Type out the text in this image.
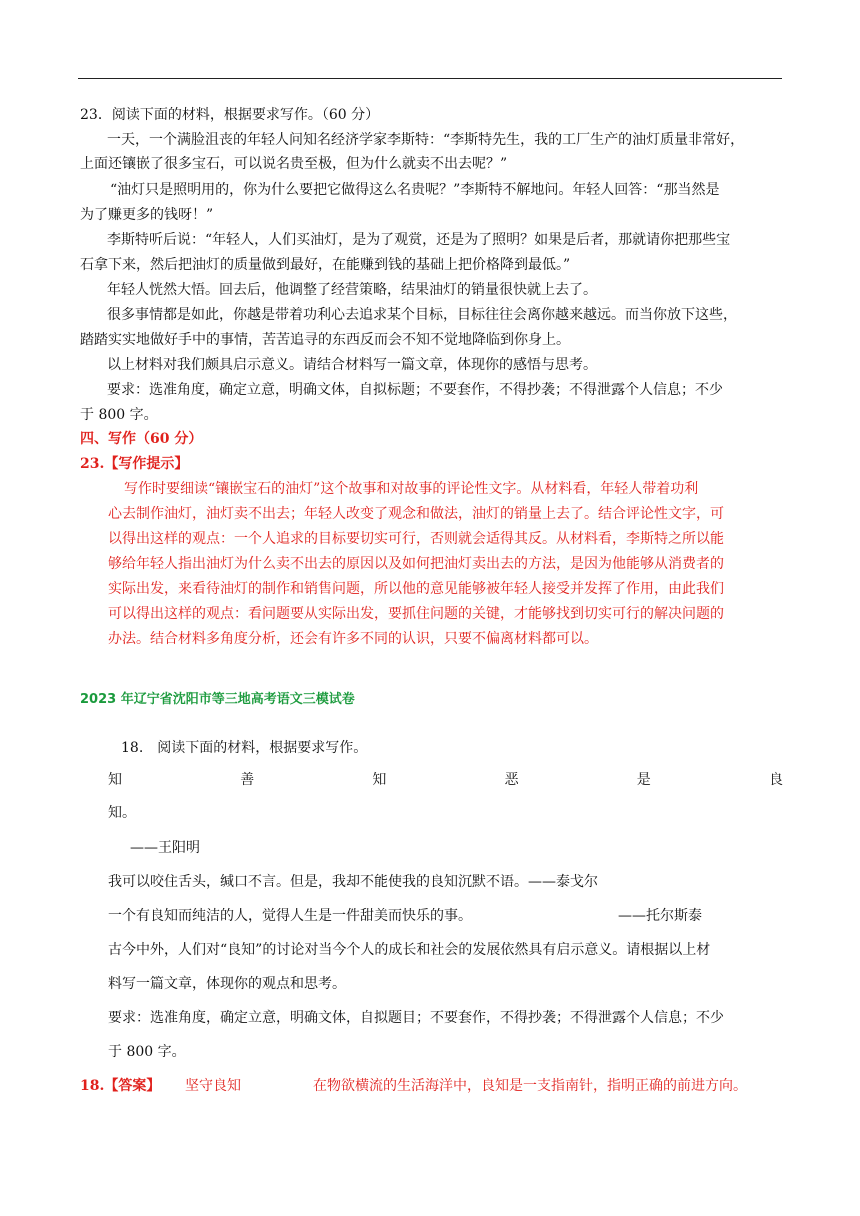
23．阅读下面的材料，根据要求写作。（60 分）
一天，一个满脸沮丧的年轻人问知名经济学家李斯特：“李斯特先生，我的工厂生产的油灯质量非常好，
上面还镶嵌了很多宝石，可以说名贵至极，但为什么就卖不出去呢？”
“油灯只是照明用的，你为什么要把它做得这么名贵呢？”李斯特不解地问。年轻人回答：“那当然是
为了赚更多的钱呀！”
李斯特听后说：“年轻人，人们买油灯，是为了观赏，还是为了照明？如果是后者，那就请你把那些宝
石拿下来，然后把油灯的质量做到最好，在能赚到钱的基础上把价格降到最低。”
年轻人恍然大悟。回去后，他调整了经营策略，结果油灯的销量很快就上去了。
很多事情都是如此，你越是带着功利心去追求某个目标，目标往往会离你越来越远。而当你放下这些，
踏踏实实地做好手中的事情，苦苦追寻的东西反而会不知不觉地降临到你身上。
以上材料对我们颇具启示意义。请结合材料写一篇文章，体现你的感悟与思考。
要求：选准角度，确定立意，明确文体，自拟标题；不要套作，不得抄袭；不得泄露个人信息；不少
于 800 字。
四、写作（60 分）
23.【写作提示】
写作时要细读“镶嵌宝石的油灯”这个故事和对故事的评论性文字。从材料看，年轻人带着功利
心去制作油灯，油灯卖不出去；年轻人改变了观念和做法，油灯的销量上去了。结合评论性文字，可
以得出这样的观点：一个人追求的目标要切实可行，否则就会适得其反。从材料看，李斯特之所以能
够给年轻人指出油灯为什么卖不出去的原因以及如何把油灯卖出去的方法，是因为他能够从消费者的
实际出发，来看待油灯的制作和销售问题，所以他的意见能够被年轻人接受并发挥了作用，由此我们
可以得出这样的观点：看问题要从实际出发，要抓住问题的关键，才能够找到切实可行的解决问题的
办法。结合材料多角度分析，还会有许多不同的认识，只要不偏离材料都可以。
2023 年辽宁省沈阳市等三地高考语文三模试卷
18.　阅读下面的材料，根据要求写作。
知	善	知	恶	是	良
知。
——王阳明
我可以咬住舌头，缄口不言。但是，我却不能使我的良知沉默不语。——泰戈尔
一个有良知而纯洁的人，觉得人生是一件甜美而快乐的事。	——托尔斯泰
古今中外，人们对“良知”的讨论对当今个人的成长和社会的发展依然具有启示意义。请根据以上材
料写一篇文章，体现你的观点和思考。
要求：选准角度，确定立意，明确文体，自拟题目；不要套作，不得抄袭；不得泄露个人信息；不少
于 800 字。
18.【答案】 坚守良知	在物欲横流的生活海洋中，良知是一支指南针，指明正确的前进方向。
